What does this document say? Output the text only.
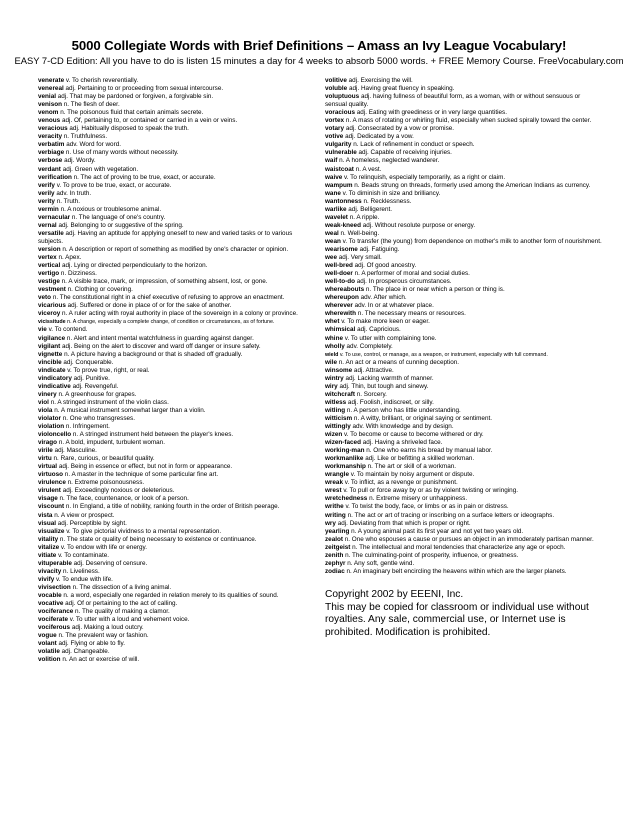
5000 Collegiate Words with Brief Definitions – Amass an Ivy League Vocabulary!
EASY 7-CD Edition: All you have to do is listen 15 minutes a day for 4 weeks to absorb 5000 words. + FREE Memory Course. FreeVocabulary.com
venerate v. To cherish reverentially.
venereal adj. Pertaining to or proceeding from sexual intercourse.
venial adj. That may be pardoned or forgiven, a forgivable sin.
venison n. The flesh of deer.
venom n. The poisonous fluid that certain animals secrete.
venous adj. Of, pertaining to, or contained or carried in a vein or veins.
veracious adj. Habitually disposed to speak the truth.
veracity n. Truthfulness.
verbatim adv. Word for word.
verbiage n. Use of many words without necessity.
verbose adj. Wordy.
verdant adj. Green with vegetation.
verification n. The act of proving to be true, exact, or accurate.
verify v. To prove to be true, exact, or accurate.
verily adv. In truth.
verity n. Truth.
vermin n. A noxious or troublesome animal.
vernacular n. The language of one's country.
vernal adj. Belonging to or suggestive of the spring.
versatile adj. Having an aptitude for applying oneself to new and varied tasks or to various subjects.
version n. A description or report of something as modified by one's character or opinion.
vertex n. Apex.
vertical adj. Lying or directed perpendicularly to the horizon.
vertigo n. Dizziness.
vestige n. A visible trace, mark, or impression, of something absent, lost, or gone.
vestment n. Clothing or covering.
veto n. The constitutional right in a chief executive of refusing to approve an enactment.
vicarious adj. Suffered or done in place of or for the sake of another.
viceroy n. A ruler acting with royal authority in place of the sovereign in a colony or province.
vicissitude n. A change, especially a complete change, of condition or circumstances, as of fortune.
vie v. To contend.
vigilance n. Alert and intent mental watchfulness in guarding against danger.
vigilant adj. Being on the alert to discover and ward off danger or insure safety.
vignette n. A picture having a background or that is shaded off gradually.
vincible adj. Conquerable.
vindicate v. To prove true, right, or real.
vindicatory adj. Punitive.
vindicative adj. Revengeful.
vinery n. A greenhouse for grapes.
viol n. A stringed instrument of the violin class.
viola n. A musical instrument somewhat larger than a violin.
violator n. One who transgresses.
violation n. Infringement.
violoncello n. A stringed instrument held between the player's knees.
virago n. A bold, impudent, turbulent woman.
virile adj. Masculine.
virtu n. Rare, curious, or beautiful quality.
virtual adj. Being in essence or effect, but not in form or appearance.
virtuoso n. A master in the technique of some particular fine art.
virulence n. Extreme poisonousness.
virulent adj. Exceedingly noxious or deleterious.
visage n. The face, countenance, or look of a person.
viscount n. In England, a title of nobility, ranking fourth in the order of British peerage.
vista n. A view or prospect.
visual adj. Perceptible by sight.
visualize v. To give pictorial vividness to a mental representation.
vitality n. The state or quality of being necessary to existence or continuance.
vitalize v. To endow with life or energy.
vitiate v. To contaminate.
vituperable adj. Deserving of censure.
vivacity n. Liveliness.
vivify v. To endue with life.
vivisection n. The dissection of a living animal.
vocable n. a word, especially one regarded in relation merely to its qualities of sound.
vocative adj. Of or pertaining to the act of calling.
vociferance n. The quality of making a clamor.
vociferate v. To utter with a loud and vehement voice.
vociferous adj. Making a loud outcry.
vogue n. The prevalent way or fashion.
volant adj. Flying or able to fly.
volatile adj. Changeable.
volition n. An act or exercise of will.
volitive adj. Exercising the will.
voluble adj. Having great fluency in speaking.
voluptuous adj. having fullness of beautiful form, as a woman, with or without sensuous or sensual quality.
voracious adj. Eating with greediness or in very large quantities.
vortex n. A mass of rotating or whirling fluid, especially when sucked spirally toward the center.
votary adj. Consecrated by a vow or promise.
votive adj. Dedicated by a vow.
vulgarity n. Lack of refinement in conduct or speech.
vulnerable adj. Capable of receiving injuries.
waif n. A homeless, neglected wanderer.
waistcoat n. A vest.
waive v. To relinquish, especially temporarily, as a right or claim.
wampum n. Beads strung on threads, formerly used among the American Indians as currency.
wane v. To diminish in size and brilliancy.
wantonness n. Recklessness.
warlike adj. Belligerent.
wavelet n. A ripple.
weak-kneed adj. Without resolute purpose or energy.
weal n. Well-being.
wean v. To transfer (the young) from dependence on mother's milk to another form of nourishment.
wearisome adj. Fatiguing.
wee adj. Very small.
well-bred adj. Of good ancestry.
well-doer n. A performer of moral and social duties.
well-to-do adj. In prosperous circumstances.
whereabouts n. The place in or near which a person or thing is.
whereupon adv. After which.
wherever adv. In or at whatever place.
wherewith n. The necessary means or resources.
whet v. To make more keen or eager.
whimsical adj. Capricious.
whine v. To utter with complaining tone.
wholly adv. Completely.
wield v. To use, control, or manage, as a weapon, or instrument, especially with full command.
wile n. An act or a means of cunning deception.
winsome adj. Attractive.
wintry adj. Lacking warmth of manner.
wiry adj. Thin, but tough and sinewy.
witchcraft n. Sorcery.
witless adj. Foolish, indiscreet, or silly.
witling n. A person who has little understanding.
witticism n. A witty, brilliant, or original saying or sentiment.
wittingly adv. With knowledge and by design.
wizen v. To become or cause to become withered or dry.
wizen-faced adj. Having a shriveled face.
working-man n. One who earns his bread by manual labor.
workmanlike adj. Like or befitting a skilled workman.
workmanship n. The art or skill of a workman.
wrangle v. To maintain by noisy argument or dispute.
wreak v. To inflict, as a revenge or punishment.
wrest v. To pull or force away by or as by violent twisting or wringing.
wretchedness n. Extreme misery or unhappiness.
writhe v. To twist the body, face, or limbs or as in pain or distress.
writing n. The act or art of tracing or inscribing on a surface letters or ideographs.
wry adj. Deviating from that which is proper or right.
yearling n. A young animal past its first year and not yet two years old.
zealot n. One who espouses a cause or pursues an object in an immoderately partisan manner.
zeitgeist n. The intellectual and moral tendencies that characterize any age or epoch.
zenith n. The culminating-point of prosperity, influence, or greatness.
zephyr n. Any soft, gentle wind.
zodiac n. An imaginary belt encircling the heavens within which are the larger planets.
Copyright 2002 by EEENI, Inc.
This may be copied for classroom or individual use without royalties. Any sale, commercial use, or Internet use is prohibited. Modification is prohibited.
